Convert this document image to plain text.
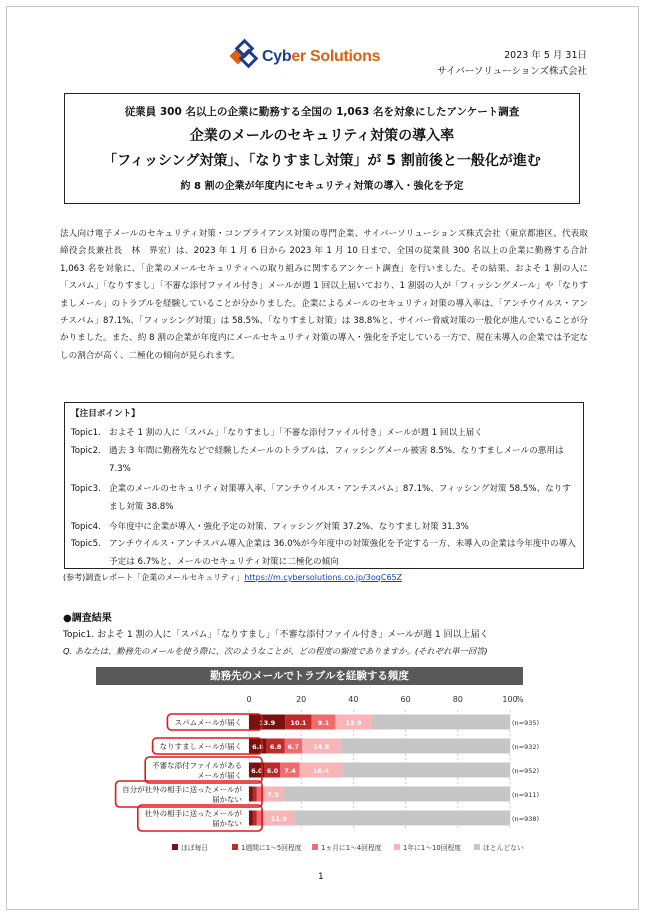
Cyber Solutions	2023 年 5 月 31日
サイバーソリューションズ株式会社
従業員 300 名以上の企業に勤務する全国の 1,063 名を対象にしたアンケート調査
企業のメールのセキュリティ対策の導入率
「フィッシング対策」、「なりすまし対策」が 5 割前後と一般化が進む
約 8 割の企業が年度内にセキュリティ対策の導入・強化を予定
法人向け電子メールのセキュリティ対策・コンプライアンス対策の専門企業、サイバーソリューションズ株式会社（東京都港区、代表取締役会長兼社長　林　界宏）は、2023 年 1 月 6 日から 2023 年 1 月 10 日まで、全国の従業員 300 名以上の企業に勤務する合計 1,063 名を対象に、「企業のメールセキュリティへの取り組みに関するアンケート調査」を行いました。その結果、およそ 1 割の人に「スパム」「なりすまし」「不審な添付ファイル付き」メールが週 1 回以上届いており、1 割弱の人が「フィッシングメール」や「なりすましメール」のトラブルを経験していることが分かりました。企業によるメールのセキュリティ対策の導入率は、「アンチウイルス・アンチスパム」87.1%、「フィッシング対策」は 58.5%、「なりすまし対策」は 38.8%と、サイバー脅威対策の一般化が進んでいることが分かりました。また、約 8 割の企業が年度内にメールセキュリティ対策の導入・強化を予定している一方で、現在未導入の企業では予定なしの割合が高く、二極化の傾向が見られます。
【注目ポイント】
Topic1. およそ 1 割の人に「スパム」「なりすまし」「不審な添付ファイル付き」メールが週 1 回以上届く
Topic2. 過去 3 年間に勤務先などで経験したメールのトラブルは、フィッシングメール被害 8.5%、なりすましメールの悪用は 7.3%
Topic3. 企業のメールのセキュリティ対策導入率、「アンチウイルス・アンチスパム」87.1%、フィッシング対策 58.5%、なりすまし対策 38.8%
Topic4. 今年度中に企業が導入・強化予定の対策、フィッシング対策 37.2%、なりすまし対策 31.3%
Topic5. アンチウイルス・アンチスパム導入企業は 36.0%が今年度中の対策強化を予定する一方、未導入の企業は今年度中の導入予定は 6.7%と、メールのセキュリティ対策に二極化の傾向
(参考)調査レポート「企業のメールセキュリティ」https://m.cybersolutions.co.jp/3oqC65Z
●調査結果
Topic1. およそ 1 割の人に「スパム」「なりすまし」「不審な添付ファイル付き」メールが週 1 回以上届く
Q. あなたは、勤務先のメールを使う際に、次のようなことが、どの程度の頻度でありますか。(それぞれ単一回答)
勤務先のメールでトラブルを経験する頻度
0	20	40	60	80	100
%
13.9 10.1 9.1 13.9
スパムメールが届く	(n=935)
6.8 6.8 6.7 14.8
なりすましメールが届く	(n=932)
6.0 6.0 7.4	16.4
不審な添付ファイルがある
メールが届く	(n=952)
7.5
自分が社外の相手に送ったメールが
届かない	(n=911)
11.9
社外の相手に送ったメールが
届かない	(n=938)
ほぼ毎日	1週間に1～5回程度	1ヵ月に1～4回程度	1年に1～10回程度	ほとんどない
1
